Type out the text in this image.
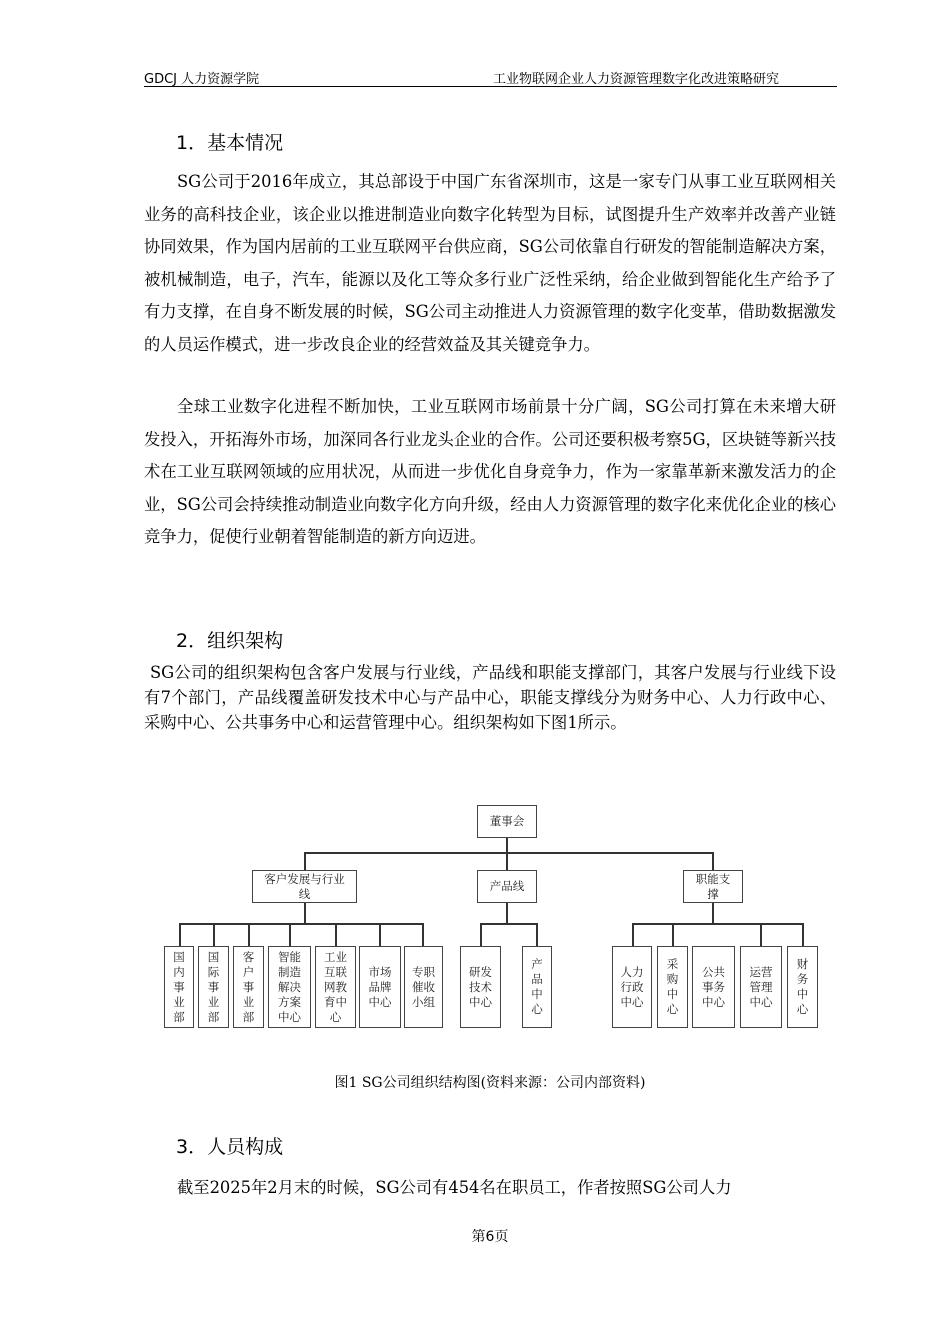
GDCJ 人力资源学院	工业物联网企业人力资源管理数字化改进策略研究
1．基本情况
SG公司于2016年成立，其总部设于中国广东省深圳市，这是一家专门从事工业互联网相关业务的高科技企业，该企业以推进制造业向数字化转型为目标，试图提升生产效率并改善产业链协同效果，作为国内居前的工业互联网平台供应商，SG公司依靠自行研发的智能制造解决方案，被机械制造，电子，汽车，能源以及化工等众多行业广泛性采纳，给企业做到智能化生产给予了有力支撑，在自身不断发展的时候，SG公司主动推进人力资源管理的数字化变革，借助数据激发的人员运作模式，进一步改良企业的经营效益及其关键竞争力。
全球工业数字化进程不断加快，工业互联网市场前景十分广阔，SG公司打算在未来增大研发投入，开拓海外市场，加深同各行业龙头企业的合作。公司还要积极考察5G，区块链等新兴技术在工业互联网领域的应用状况，从而进一步优化自身竞争力，作为一家靠革新来激发活力的企业，SG公司会持续推动制造业向数字化方向升级，经由人力资源管理的数字化来优化企业的核心竞争力，促使行业朝着智能制造的新方向迈进。
2．组织架构
SG公司的组织架构包含客户发展与行业线，产品线和职能支撑部门，其客户发展与行业线下设有7个部门，产品线覆盖研发技术中心与产品中心，职能支撑线分为财务中心、人力行政中心、采购中心、公共事务中心和运营管理中心。组织架构如下图1所示。
董事会
客户发展与行业
线
产品线
职能支
撑
国
内
事
业
部
国
际
事
业
部
客
户
事
业
部
智能
制造
解决
方案
中心
工业
互联
网教
育中
心
市场
品牌
中心
专职
催收
小组
研发
技术
中心
产
品
中
心
人力
行政
中心
采
购
中
心
公共
事务
中心
运营
管理
中心
财
务
中
心
图1 SG公司组织结构图(资料来源：公司内部资料)
3．人员构成
截至2025年2月末的时候，SG公司有454名在职员工，作者按照SG公司人力
第6页
